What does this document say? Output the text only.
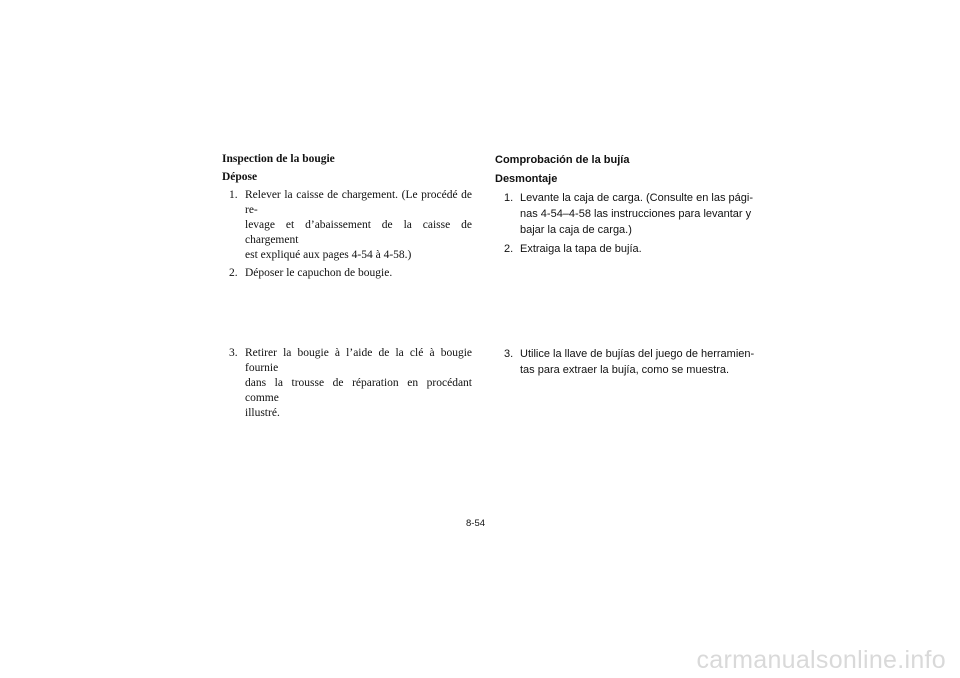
Inspection de la bougie
Dépose
1. Relever la caisse de chargement. (Le procédé de re-
levage et d’abaissement de la caisse de chargement
est expliqué aux pages 4-54 à 4-58.)
2. Déposer le capuchon de bougie.
3. Retirer la bougie à l’aide de la clé à bougie fournie
dans la trousse de réparation en procédant comme
illustré.
Comprobación de la bujía
Desmontaje
1. Levante la caja de carga. (Consulte en las pági-
nas 4-54–4-58 las instrucciones para levantar y
bajar la caja de carga.)
2. Extraiga la tapa de bujía.
3. Utilice la llave de bujías del juego de herramien-
tas para extraer la bujía, como se muestra.
8-54
carmanualsonline.info
